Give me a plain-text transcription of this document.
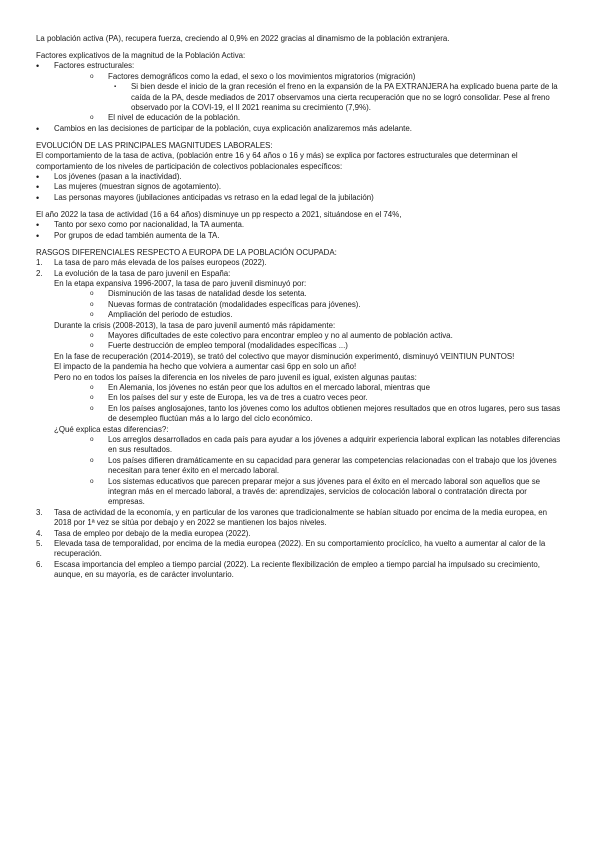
La población activa (PA), recupera fuerza, creciendo al 0,9% en 2022 gracias al dinamismo de la población extranjera.
Factores explicativos de la magnitud de la Población Activa:
• Factores estructurales:
o Factores demográficos como la edad, el sexo o los movimientos migratorios (migración)
▪ Si bien desde el inicio de la gran recesión el freno en la expansión de la PA EXTRANJERA ha explicado buena parte de la caída de la PA, desde mediados de 2017 observamos una cierta recuperación que no se logró consolidar. Pese al freno observado por la COVI-19, el II 2021 reanima su crecimiento (7,9%).
o El nivel de educación de la población.
• Cambios en las decisiones de participar de la población, cuya explicación analizaremos más adelante.
EVOLUCIÓN DE LAS PRINCIPALES MAGNITUDES LABORALES:
El comportamiento de la tasa de activa, (población entre 16 y 64 años o 16 y más) se explica por factores estructurales que determinan el comportamiento de los niveles de participación de colectivos poblacionales específicos:
• Los jóvenes (pasan a la inactividad).
• Las mujeres (muestran signos de agotamiento).
• Las personas mayores (jubilaciones anticipadas vs retraso en la edad legal de la jubilación)
El año 2022 la tasa de actividad (16 a 64 años) disminuye un pp respecto a 2021, situándose en el 74%,
• Tanto por sexo como por nacionalidad, la TA aumenta.
• Por grupos de edad también aumenta de la TA.
RASGOS DIFERENCIALES RESPECTO A EUROPA DE LA POBLACIÓN OCUPADA:
1. La tasa de paro más elevada de los países europeos (2022).
2. La evolución de la tasa de paro juvenil en España:
En la etapa expansiva 1996-2007, la tasa de paro juvenil disminuyó por:
o Disminución de las tasas de natalidad desde los setenta.
o Nuevas formas de contratación (modalidades específicas para jóvenes).
o Ampliación del periodo de estudios.
Durante la crisis (2008-2013), la tasa de paro juvenil aumentó más rápidamente:
o Mayores dificultades de este colectivo para encontrar empleo y no al aumento de población activa.
o Fuerte destrucción de empleo temporal (modalidades específicas ...)
En la fase de recuperación (2014-2019), se trató del colectivo que mayor disminución experimentó, disminuyó VEINTIUN PUNTOS!
El impacto de la pandemia ha hecho que volviera a aumentar casi 6pp en solo un año!
Pero no en todos los países la diferencia en los niveles de paro juvenil es igual, existen algunas pautas:
o En Alemania, los jóvenes no están peor que los adultos en el mercado laboral, mientras que
o En los países del sur y este de Europa, les va de tres a cuatro veces peor.
o En los países anglosajones, tanto los jóvenes como los adultos obtienen mejores resultados que en otros lugares, pero sus tasas de desempleo fluctúan más a lo largo del ciclo económico.
¿Qué explica estas diferencias?:
o Los arreglos desarrollados en cada país para ayudar a los jóvenes a adquirir experiencia laboral explican las notables diferencias en sus resultados.
o Los países difieren dramáticamente en su capacidad para generar las competencias relacionadas con el trabajo que los jóvenes necesitan para tener éxito en el mercado laboral.
o Los sistemas educativos que parecen preparar mejor a sus jóvenes para el éxito en el mercado laboral son aquellos que se integran más en el mercado laboral, a través de: aprendizajes, servicios de colocación laboral o contratación directa por empresas.
3. Tasa de actividad de la economía, y en particular de los varones que tradicionalmente se habían situado por encima de la media europea, en 2018 por 1ª vez se sitúa por debajo y en 2022 se mantienen los bajos niveles.
4. Tasa de empleo por debajo de la media europea (2022).
5. Elevada tasa de temporalidad, por encima de la media europea (2022). En su comportamiento procíclico, ha vuelto a aumentar al calor de la recuperación.
6. Escasa importancia del empleo a tiempo parcial (2022). La reciente flexibilización de empleo a tiempo parcial ha impulsado su crecimiento, aunque, en su mayoría, es de carácter involuntario.
